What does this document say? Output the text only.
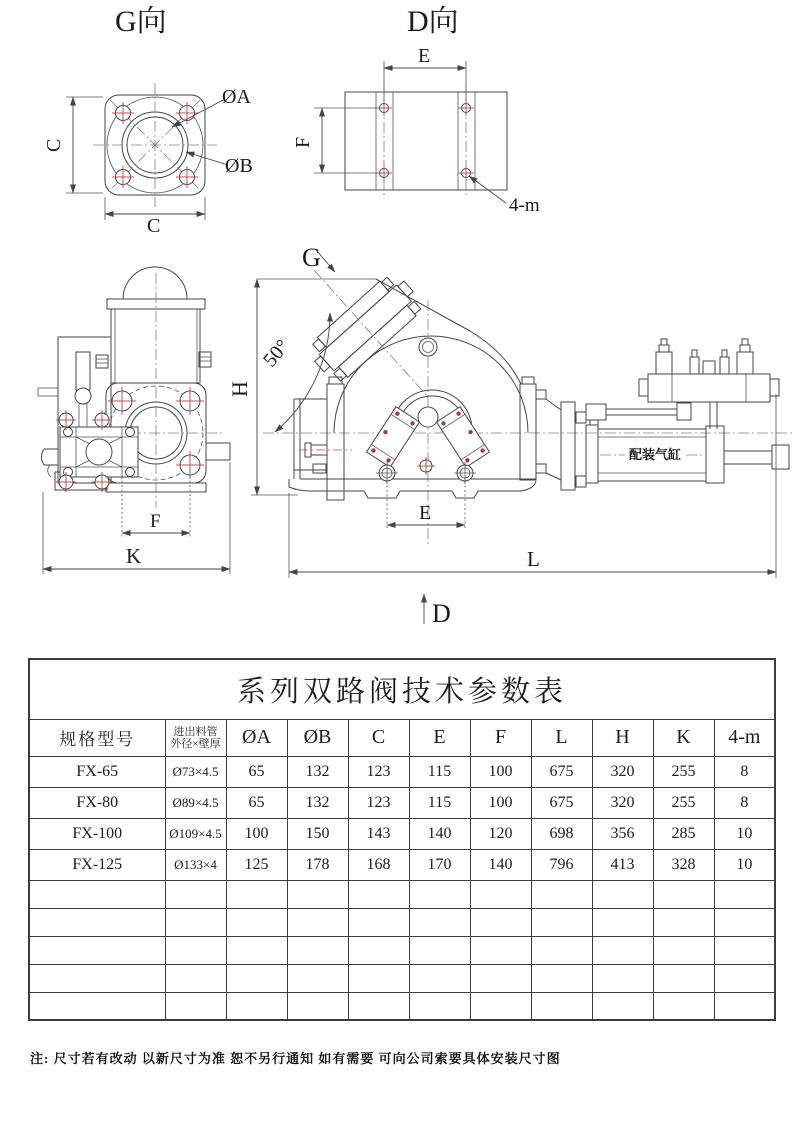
G向
C
C
ØA
ØB
D向
E
F
4-m
F
K
H
G
50°
E
L
D
配装气缸
系列双路阀技术参数表										
规格型号	进出料管
外径×壁厚	ØA	ØB	C	E	F	L	H	K	4-m
FX-65	Ø73×4.5	65	132	123	115	100	675	320	255	8
FX-80	Ø89×4.5	65	132	123	115	100	675	320	255	8
FX-100	Ø109×4.5	100	150	143	140	120	698	356	285	10
FX-125	Ø133×4	125	178	168	170	140	796	413	328	10

注: 尺寸若有改动 以新尺寸为准 恕不另行通知 如有需要 可向公司索要具体安装尺寸图
